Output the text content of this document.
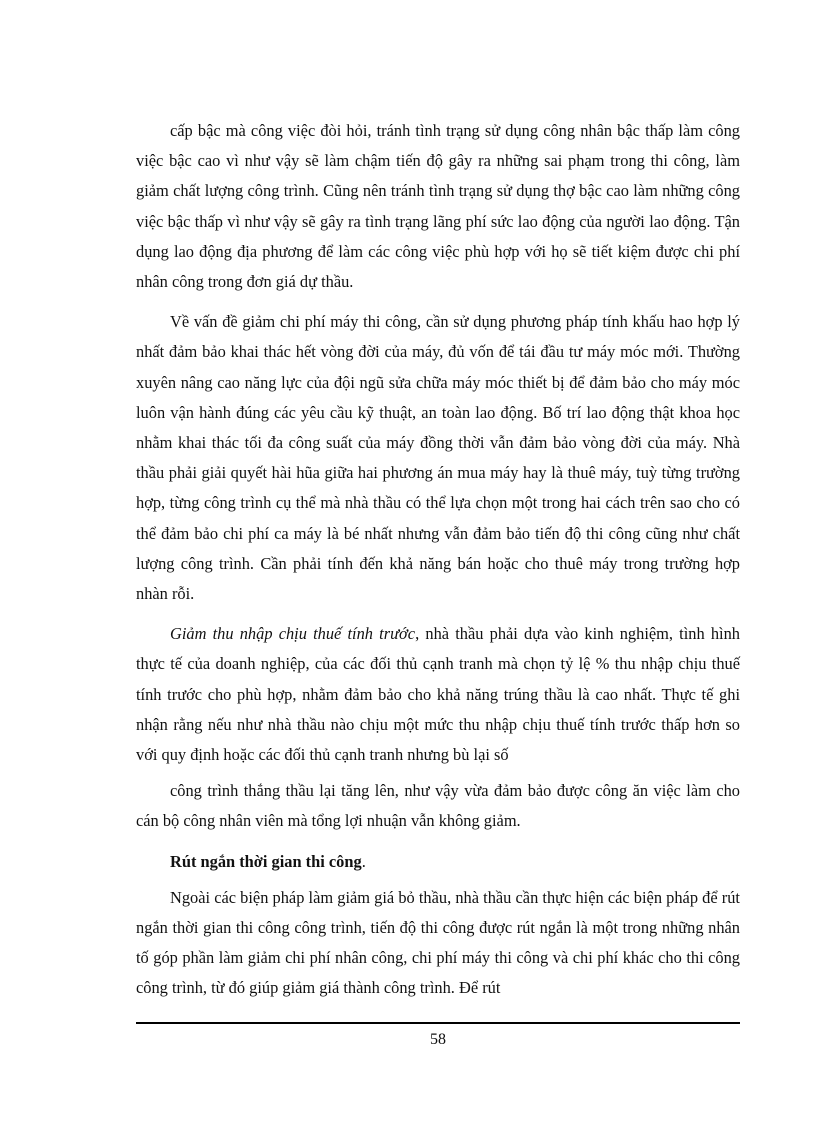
cấp bậc mà công việc đòi hỏi, tránh tình trạng sử dụng công nhân bậc thấp làm công việc bậc cao vì như vậy sẽ làm chậm tiến độ gây ra những sai phạm trong thi công, làm giảm chất lượng công trình. Cũng nên tránh tình trạng sử dụng thợ bậc cao làm những công việc bậc thấp vì như vậy sẽ gây ra tình trạng lãng phí sức lao động của người lao động. Tận dụng lao động địa phương để làm các công việc phù hợp với họ sẽ tiết kiệm được chi phí nhân công trong đơn giá dự thầu.

Về vấn đề giảm chi phí máy thi công, cần sử dụng phương pháp tính khấu hao hợp lý nhất đảm bảo khai thác hết vòng đời của máy, đủ vốn để tái đầu tư máy móc mới. Thường xuyên nâng cao năng lực của đội ngũ sửa chữa máy móc thiết bị để đảm bảo cho máy móc luôn vận hành đúng các yêu cầu kỹ thuật, an toàn lao động. Bố trí lao động thật khoa học nhằm khai thác tối đa công suất của máy đồng thời vẫn đảm bảo vòng đời của máy. Nhà thầu phải giải quyết hài hũa giữa hai phương án mua máy hay là thuê máy, tuỳ từng trường hợp, từng công trình cụ thể mà nhà thầu có thể lựa chọn một trong hai cách trên sao cho có thể đảm bảo chi phí ca máy là bé nhất nhưng vẫn đảm bảo tiến độ thi công cũng như chất lượng công trình. Cần phải tính đến khả năng bán hoặc cho thuê máy trong trường hợp nhàn rỗi.

Giảm thu nhập chịu thuế tính trước, nhà thầu phải dựa vào kinh nghiệm, tình hình thực tế của doanh nghiệp, của các đối thủ cạnh tranh mà chọn tỷ lệ % thu nhập chịu thuế tính trước cho phù hợp, nhằm đảm bảo cho khả năng trúng thầu là cao nhất. Thực tế ghi nhận rằng nếu như nhà thầu nào chịu một mức thu nhập chịu thuế tính trước thấp hơn so với quy định hoặc các đối thủ cạnh tranh nhưng bù lại số

công trình thắng thầu lại tăng lên, như vậy vừa đảm bảo được công ăn việc làm cho cán bộ công nhân viên mà tổng lợi nhuận vẫn không giảm.

Rút ngắn thời gian thi công.

Ngoài các biện pháp làm giảm giá bỏ thầu, nhà thầu cần thực hiện các biện pháp để rút ngắn thời gian thi công công trình, tiến độ thi công được rút ngắn là một trong những nhân tố góp phần làm giảm chi phí nhân công, chi phí máy thi công và chi phí khác cho thi công công trình, từ đó giúp giảm giá thành công trình. Để rút

58
